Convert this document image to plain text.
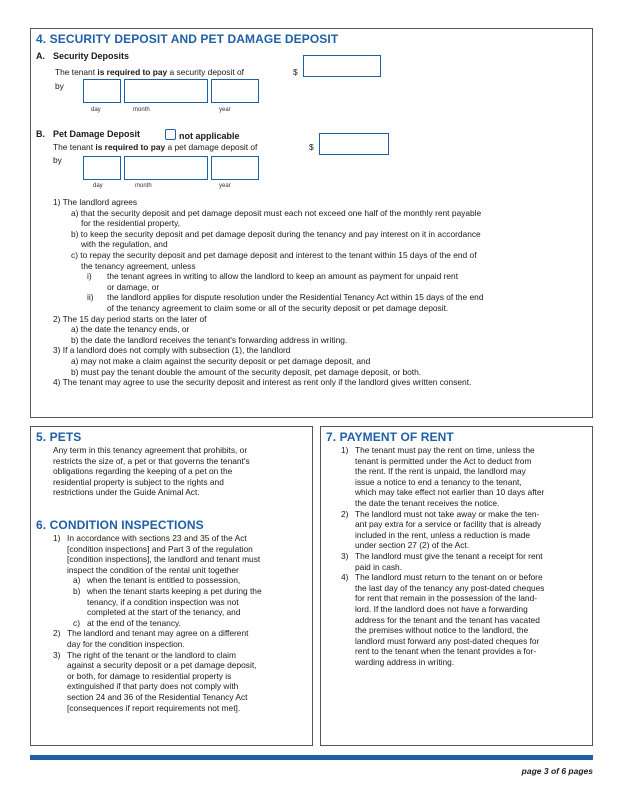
4. SECURITY DEPOSIT AND PET DAMAGE DEPOSIT
A. Security Deposits
The tenant is required to pay a security deposit of	$
by
day	month	year
B. Pet Damage Deposit	not applicable
The tenant is required to pay a pet damage deposit of	$
by
day	month	year
1) The landlord agrees
a) that the security deposit and pet damage deposit must each not exceed one half of the monthly rent payable
for the residential property,
b) to keep the security deposit and pet damage deposit during the tenancy and pay interest on it in accordance
with the regulation, and
c) to repay the security deposit and pet damage deposit and interest to the tenant within 15 days of the end of
the tenancy agreement, unless
i) the tenant agrees in writing to allow the landlord to keep an amount as payment for unpaid rent
or damage, or
ii) the landlord applies for dispute resolution under the Residential Tenancy Act within 15 days of the end
of the tenancy agreement to claim some or all of the security deposit or pet damage deposit.
2) The 15 day period starts on the later of
a) the date the tenancy ends, or
b) the date the landlord receives the tenant's forwarding address in writing.
3) If a landlord does not comply with subsection (1), the landlord
a) may not make a claim against the security deposit or pet damage deposit, and
b) must pay the tenant double the amount of the security deposit, pet damage deposit, or both.
4) The tenant may agree to use the security deposit and interest as rent only if the landlord gives written consent.
5. PETS
Any term in this tenancy agreement that prohibits, or
restricts the size of, a pet or that governs the tenant's
obligations regarding the keeping of a pet on the
residential property is subject to the rights and
restrictions under the Guide Animal Act.
6. CONDITION INSPECTIONS
1) In accordance with sections 23 and 35 of the Act
[condition inspections] and Part 3 of the regulation
[condition inspections], the landlord and tenant must
inspect the condition of the rental unit together
a) when the tenant is entitled to possession,
b) when the tenant starts keeping a pet during the
tenancy, if a condition inspection was not
completed at the start of the tenancy, and
c) at the end of the tenancy.
2) The landlord and tenant may agree on a different
day for the condition inspection.
3) The right of the tenant or the landlord to claim
against a security deposit or a pet damage deposit,
or both, for damage to residential property is
extinguished if that party does not comply with
section 24 and 36 of the Residential Tenancy Act
[consequences if report requirements not met].
7. PAYMENT OF RENT
1) The tenant must pay the rent on time, unless the
tenant is permitted under the Act to deduct from
the rent. If the rent is unpaid, the landlord may
issue a notice to end a tenancy to the tenant,
which may take effect not earlier than 10 days after
the date the tenant receives the notice.
2) The landlord must not take away or make the ten-
ant pay extra for a service or facility that is already
included in the rent, unless a reduction is made
under section 27 (2) of the Act.
3) The landlord must give the tenant a receipt for rent
paid in cash.
4) The landlord must return to the tenant on or before
the last day of the tenancy any post-dated cheques
for rent that remain in the possession of the land-
lord. If the landlord does not have a forwarding
address for the tenant and the tenant has vacated
the premises without notice to the landlord, the
landlord must forward any post-dated cheques for
rent to the tenant when the tenant provides a for-
warding address in writing.
page 3 of 6 pages
